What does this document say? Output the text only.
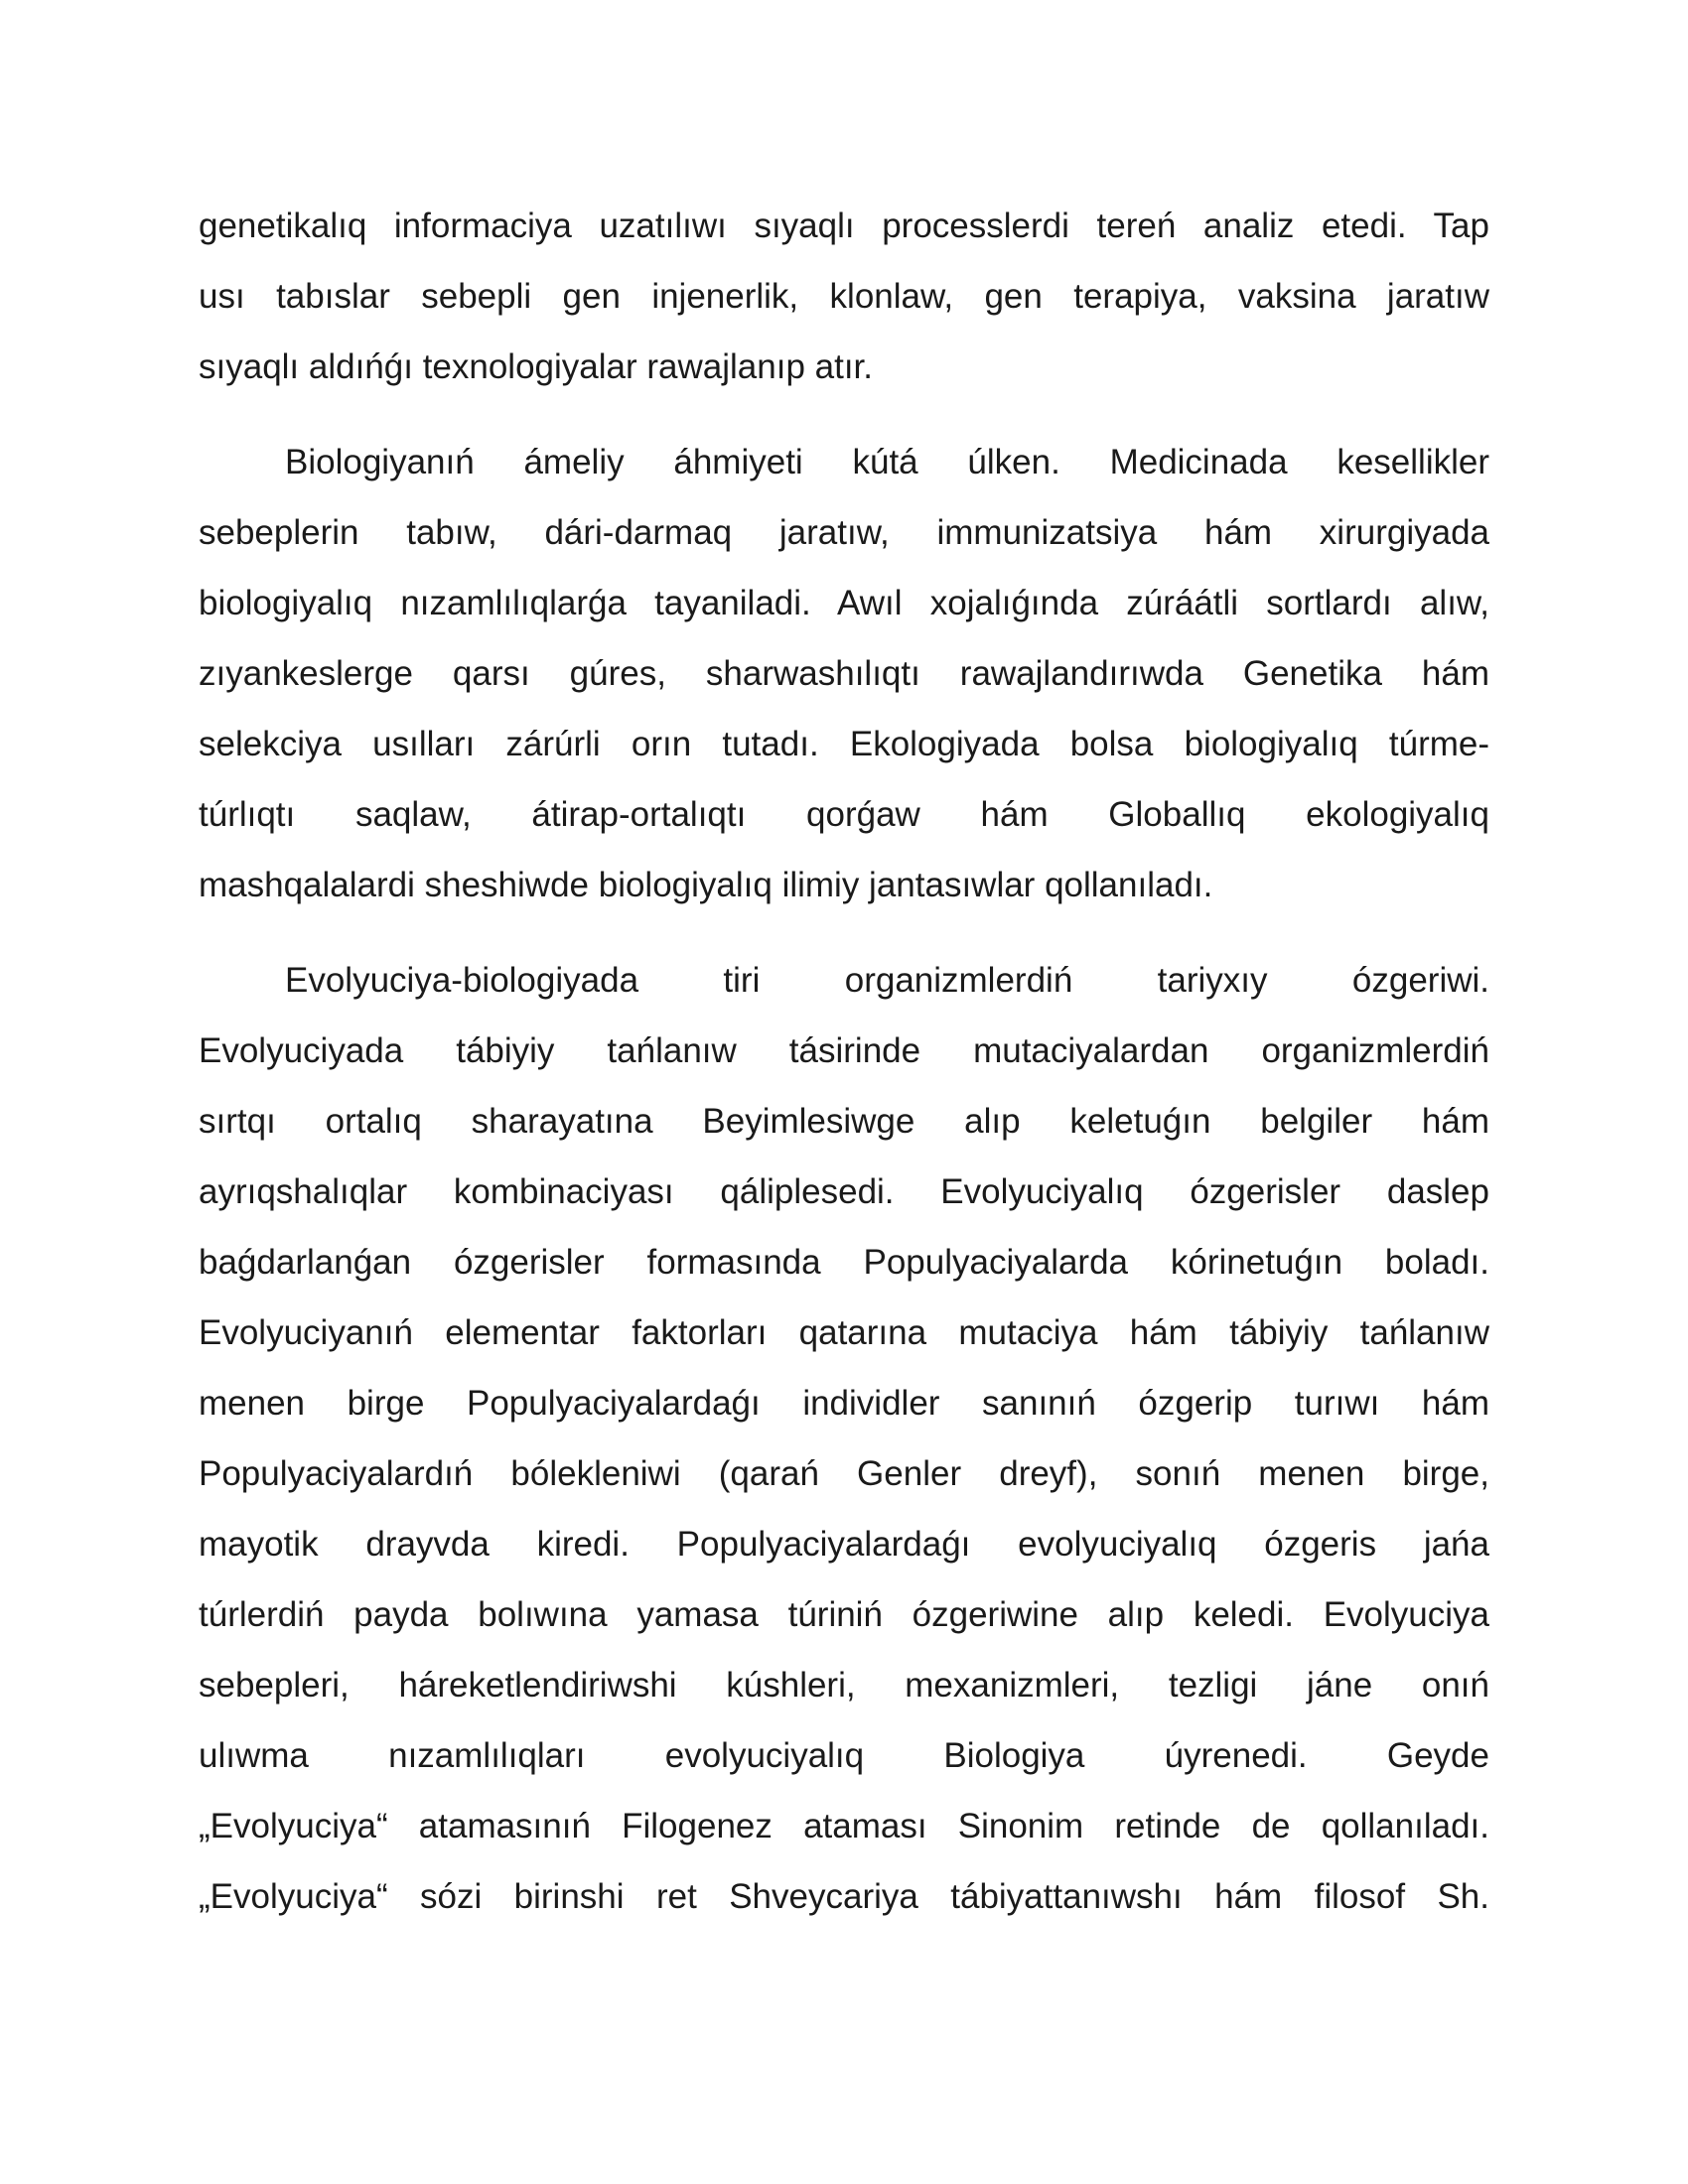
genetikalıq informaciya uzatılıwı sıyaqlı processlerdi tereń analiz etedi. Tap
usı tabıslar sebepli gen injenerlik, klonlaw, gen terapiya, vaksina jaratıw
sıyaqlı aldıńǵı texnologiyalar rawajlanıp atır.

Biologiyanıń ámeliy áhmiyeti kútá úlken. Medicinada kesellikler
sebeplerin tabıw, dári-darmaq jaratıw, immunizatsiya hám xirurgiyada
biologiyalıq nızamlılıqlarǵa tayaniladi. Awıl xojalıǵında zúráátli sortlardı alıw,
zıyankeslerge qarsı gúres, sharwashılıqtı rawajlandırıwda Genetika hám
selekciya usılları zárúrli orın tutadı. Ekologiyada bolsa biologiyalıq túrme-
túrlıqtı saqlaw, átirap-ortalıqtı qorǵaw hám Globallıq ekologiyalıq
mashqalalardi sheshiwde biologiyalıq ilimiy jantasıwlar qollanıladı.

Evolyuciya-biologiyada tiri organizmlerdiń tariyxıy ózgeriwi.
Evolyuciyada tábiyiy tańlanıw tásirinde mutaciyalardan organizmlerdiń
sırtqı ortalıq sharayatına Beyimlesiwge alıp keletuǵın belgiler hám
ayrıqshalıqlar kombinaciyası qáliplesedi. Evolyuciyalıq ózgerisler daslep
baǵdarlanǵan ózgerisler formasında Populyaciyalarda kórinetuǵın boladı.
Evolyuciyanıń elementar faktorları qatarına mutaciya hám tábiyiy tańlanıw
menen birge Populyaciyalardaǵı individler sanınıń ózgerip turıwı hám
Populyaciyalardıń bólekleniwi (qarań Genler dreyf), sonıń menen birge,
mayotik drayvda kiredi. Populyaciyalardaǵı evolyuciyalıq ózgeris jańa
túrlerdiń payda bolıwına yamasa túriniń ózgeriwine alıp keledi. Evolyuciya
sebepleri, háreketlendiriwshi kúshleri, mexanizmleri, tezligi jáne onıń
ulıwma nızamlılıqları evolyuciyalıq Biologiya úyrenedi. Geyde
„Evolyuciya“ atamasınıń Filogenez ataması Sinonim retinde de qollanıladı.
„Evolyuciya“ sózi birinshi ret Shveycariya tábiyattanıwshı hám filosof Sh.
